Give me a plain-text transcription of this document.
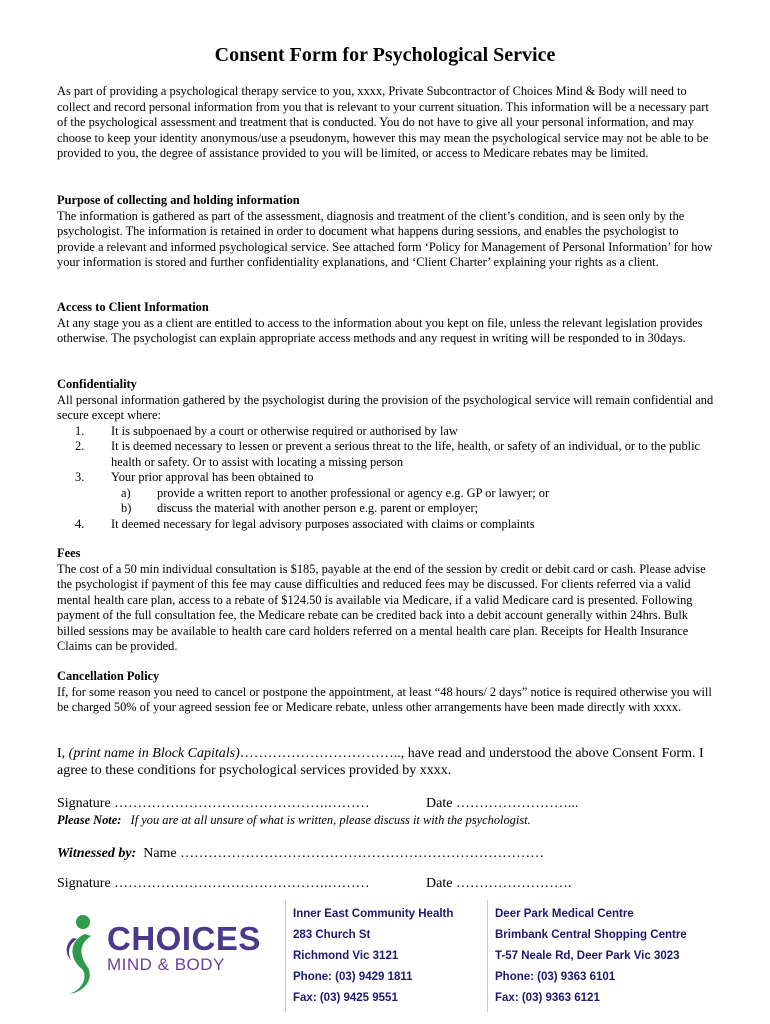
Consent Form for Psychological Service

As part of providing a psychological therapy service to you, xxxx, Private Subcontractor of Choices Mind & Body will need to collect and record personal information from you that is relevant to your current situation. This information will be a necessary part of the psychological assessment and treatment that is conducted. You do not have to give all your personal information, and may choose to keep your identity anonymous/use a pseudonym, however this may mean the psychological service may not be able to be provided to you, the degree of assistance provided to you will be limited, or access to Medicare rebates may be limited.

Purpose of collecting and holding information

The information is gathered as part of the assessment, diagnosis and treatment of the client’s condition, and is seen only by the psychologist. The information is retained in order to document what happens during sessions, and enables the psychologist to provide a relevant and informed psychological service. See attached form ‘Policy for Management of Personal Information’ for how your information is stored and further confidentiality explanations, and ‘Client Charter’ explaining your rights as a client.

Access to Client Information

At any stage you as a client are entitled to access to the information about you kept on file, unless the relevant legislation provides otherwise. The psychologist can explain appropriate access methods and any request in writing will be responded to in 30days.

Confidentiality

All personal information gathered by the psychologist during the provision of the psychological service will remain confidential and secure except where:

1. It is subpoenaed by a court or otherwise required or authorised by law
2. It is deemed necessary to lessen or prevent a serious threat to the life, health, or safety of an individual, or to the public health or safety. Or to assist with locating a missing person
3. Your prior approval has been obtained to
a) provide a written report to another professional or agency e.g. GP or lawyer; or
b) discuss the material with another person e.g. parent or employer;
4. It deemed necessary for legal advisory purposes associated with claims or complaints
Fees

The cost of a 50 min individual consultation is $185, payable at the end of the session by credit or debit card or cash. Please advise the psychologist if payment of this fee may cause difficulties and reduced fees may be discussed. For clients referred via a valid mental health care plan, access to a rebate of $124.50 is available via Medicare, if a valid Medicare card is presented. Following payment of the full consultation fee, the Medicare rebate can be credited back into a debit account generally within 24hrs. Bulk billed sessions may be available to health care card holders referred on a mental health care plan. Receipts for Health Insurance Claims can be provided.

Cancellation Policy

If, for some reason you need to cancel or postpone the appointment, at least “48 hours/ 2 days” notice is required otherwise you will be charged 50% of your agreed session fee or Medicare rebate, unless other arrangements have been made directly with xxxx.

I, (print name in Block Capitals)…………………………….., have read and understood the above Consent Form. I agree to these conditions for psychological services provided by xxxx.
Signature ……………………………………….………	Date ……………………...
Please Note: If you are at all unsure of what is written, please discuss it with the psychologist.
Witnessed by: Name ……………………………………………………………………
Signature ……………………………………….………	Date …………………….
CHOICES
MIND & BODY
Inner East Community Health
283 Church St
Richmond Vic 3121
Phone: (03) 9429 1811
Fax: (03) 9425 9551
Deer Park Medical Centre
Brimbank Central Shopping Centre
T-57 Neale Rd, Deer Park Vic 3023
Phone: (03) 9363 6101
Fax: (03) 9363 6121
